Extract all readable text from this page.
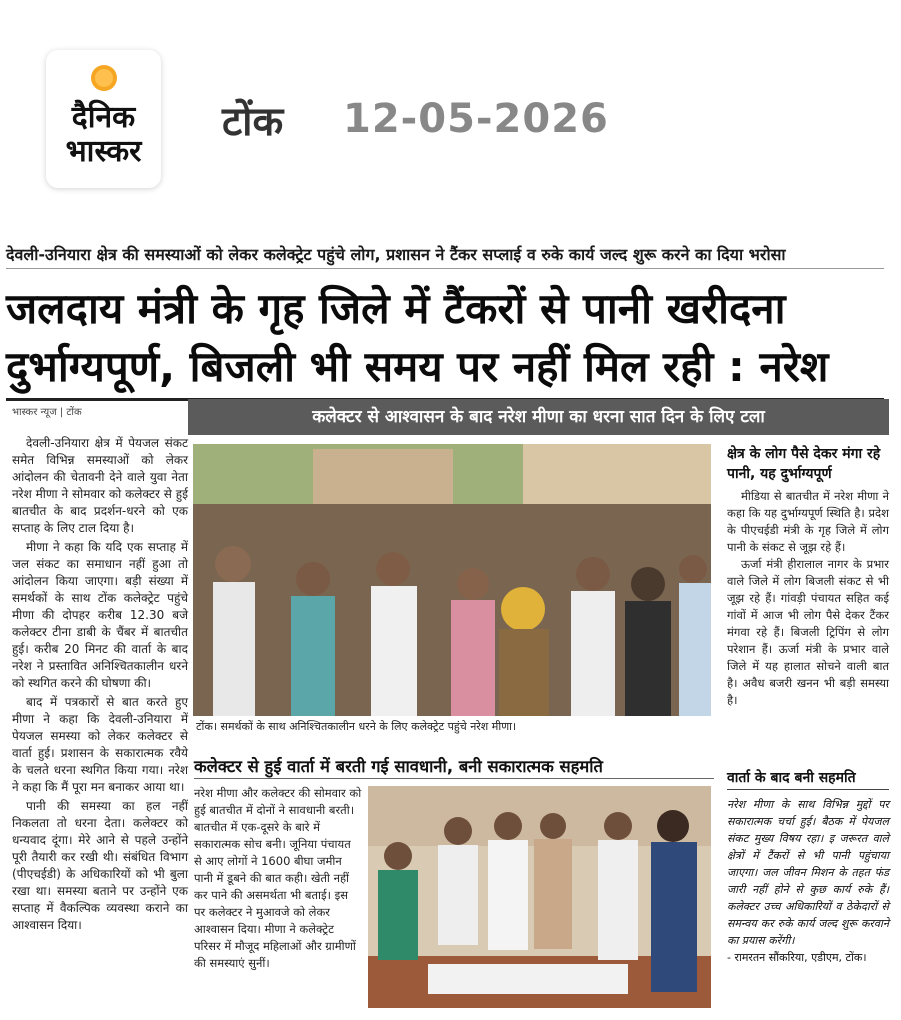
दैनिक
भास्कर
टोंक 12-05-2026
देवली-उनियारा क्षेत्र की समस्याओं को लेकर कलेक्ट्रेट पहुंचे लोग, प्रशासन ने टैंकर सप्लाई व रुके कार्य जल्द शुरू करने का दिया भरोसा
जलदाय मंत्री के गृह जिले में टैंकरों से पानी खरीदना
दुर्भाग्यपूर्ण, बिजली भी समय पर नहीं मिल रही : नरेश
भास्कर न्यूज | टोंक

देवली-उनियारा क्षेत्र में पेयजल संकट समेत विभिन्न समस्याओं को लेकर आंदोलन की चेतावनी देने वाले युवा नेता नरेश मीणा ने सोमवार को कलेक्टर से हुई बातचीत के बाद प्रदर्शन-धरने को एक सप्ताह के लिए टाल दिया है।

मीणा ने कहा कि यदि एक सप्ताह में जल संकट का समाधान नहीं हुआ तो आंदोलन किया जाएगा। बड़ी संख्या में समर्थकों के साथ टोंक कलेक्ट्रेट पहुंचे मीणा की दोपहर करीब 12.30 बजे कलेक्टर टीना डाबी के चैंबर में बातचीत हुई। करीब 20 मिनट की वार्ता के बाद नरेश ने प्रस्तावित अनिश्चितकालीन धरने को स्थगित करने की घोषणा की।

बाद में पत्रकारों से बात करते हुए मीणा ने कहा कि देवली-उनियारा में पेयजल समस्या को लेकर कलेक्टर से वार्ता हुई। प्रशासन के सकारात्मक रवैये के चलते धरना स्थगित किया गया। नरेश ने कहा कि मैं पूरा मन बनाकर आया था।

पानी की समस्या का हल नहीं निकलता तो धरना देता। कलेक्टर को धन्यवाद दूंगा। मेरे आने से पहले उन्होंने पूरी तैयारी कर रखी थी। संबंधित विभाग (पीएचईडी) के अधिकारियों को भी बुला रखा था। समस्या बताने पर उन्होंने एक सप्ताह में वैकल्पिक व्यवस्था कराने का आश्वासन दिया।

कलेक्टर से आश्वासन के बाद नरेश मीणा का धरना सात दिन के लिए टला
टोंक। समर्थकों के साथ अनिश्चितकालीन धरने के लिए कलेक्ट्रेट पहुंचे नरेश मीणा।
क्षेत्र के लोग पैसे देकर मंगा रहे पानी, यह दुर्भाग्यपूर्ण

मीडिया से बातचीत में नरेश मीणा ने कहा कि यह दुर्भाग्यपूर्ण स्थिति है। प्रदेश के पीएचईडी मंत्री के गृह जिले में लोग पानी के संकट से जूझ रहे हैं।

ऊर्जा मंत्री हीरालाल नागर के प्रभार वाले जिले में लोग बिजली संकट से भी जूझ रहे हैं। गांवड़ी पंचायत सहित कई गांवों में आज भी लोग पैसे देकर टैंकर मंगवा रहे हैं। बिजली ट्रिपिंग से लोग परेशान हैं। ऊर्जा मंत्री के प्रभार वाले जिले में यह हालात सोचने वाली बात है। अवैध बजरी खनन भी बड़ी समस्या है।

वार्ता के बाद बनी सहमति

नरेश मीणा के साथ विभिन्न मुद्दों पर सकारात्मक चर्चा हुई। बैठक में पेयजल संकट मुख्य विषय रहा। इ जरूरत वाले क्षेत्रों में टैंकरों से भी पानी पहुंचाया जाएगा। जल जीवन मिशन के तहत फंड जारी नहीं होने से कुछ कार्य रुके हैं। कलेक्टर उच्च अधिकारियों व ठेकेदारों से समन्वय कर रुके कार्य जल्द शुरू करवाने का प्रयास करेंगी।
- रामरतन सौंकरिया, एडीएम, टोंक।

कलेक्टर से हुई वार्ता में बरती गई सावधानी, बनी सकारात्मक सहमति

नरेश मीणा और कलेक्टर की सोमवार को हुई बातचीत में दोनों ने सावधानी बरती। बातचीत में एक-दूसरे के बारे में सकारात्मक सोच बनी। जूनिया पंचायत से आए लोगों ने 1600 बीघा जमीन पानी में डूबने की बात कही। खेती नहीं कर पाने की असमर्थता भी बताई। इस पर कलेक्टर ने मुआवजे को लेकर आश्वासन दिया। मीणा ने कलेक्ट्रेट परिसर में मौजूद महिलाओं और ग्रामीणों की समस्याएं सुनीं।
